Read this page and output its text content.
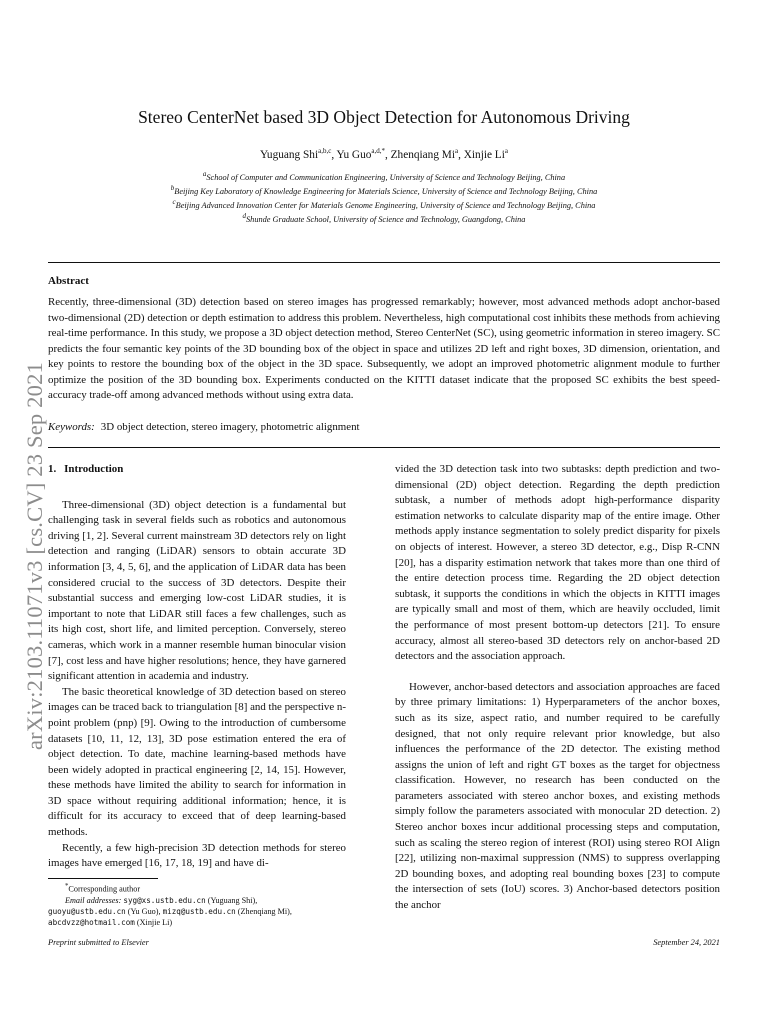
arXiv:2103.11071v3 [cs.CV] 23 Sep 2021
Stereo CenterNet based 3D Object Detection for Autonomous Driving
Yuguang Shi$^{a,b,c}$, Yu Guo$^{a,d,*}$, Zhenqiang Mi$^a$, Xinjie Li$^a$
$^a$School of Computer and Communication Engineering, University of Science and Technology Beijing, China
$^b$Beijing Key Laboratory of Knowledge Engineering for Materials Science, University of Science and Technology Beijing, China
$^c$Beijing Advanced Innovation Center for Materials Genome Engineering, University of Science and Technology Beijing, China
$^d$Shunde Graduate School, University of Science and Technology, Guangdong, China
Abstract
Recently, three-dimensional (3D) detection based on stereo images has progressed remarkably; however, most advanced methods adopt anchor-based two-dimensional (2D) detection or depth estimation to address this problem. Nevertheless, high computational cost inhibits these methods from achieving real-time performance. In this study, we propose a 3D object detection method, Stereo CenterNet (SC), using geometric information in stereo imagery. SC predicts the four semantic key points of the 3D bounding box of the object in space and utilizes 2D left and right boxes, 3D dimension, orientation, and key points to restore the bounding box of the object in the 3D space. Subsequently, we adopt an improved photometric alignment module to further optimize the position of the 3D bounding box. Experiments conducted on the KITTI dataset indicate that the proposed SC exhibits the best speed-accuracy trade-off among advanced methods without using extra data.
Keywords: 3D object detection, stereo imagery, photometric alignment
1. Introduction

Three-dimensional (3D) object detection is a fundamental but challenging task in several fields such as robotics and autonomous driving [1, 2]. Several current mainstream 3D detectors rely on light detection and ranging (LiDAR) sensors to obtain accurate 3D information [3, 4, 5, 6], and the application of LiDAR data has been considered crucial to the success of 3D detectors. Despite their substantial success and emerging low-cost LiDAR studies, it is important to note that LiDAR still faces a few challenges, such as its high cost, short life, and limited perception. Conversely, stereo cameras, which work in a manner resemble human binocular vision [7], cost less and have higher resolutions; hence, they have garnered significant attention in academia and industry.

The basic theoretical knowledge of 3D detection based on stereo images can be traced back to triangulation [8] and the perspective n-point problem (pnp) [9]. Owing to the introduction of cumbersome datasets [10, 11, 12, 13], 3D pose estimation entered the era of object detection. To date, machine learning-based methods have been widely adopted in practical engineering [2, 14, 15]. However, these methods have limited the ability to search for information in 3D space without requiring additional information; hence, it is difficult for its accuracy to exceed that of deep learning-based methods.

Recently, a few high-precision 3D detection methods for stereo images have emerged [16, 17, 18, 19] and have di-

vided the 3D detection task into two subtasks: depth prediction and two-dimensional (2D) object detection. Regarding the depth prediction subtask, a number of methods adopt high-performance disparity estimation networks to calculate disparity map of the entire image. Other methods apply instance segmentation to solely predict disparity for pixels on objects of interest. However, a stereo 3D detector, e.g., Disp R-CNN [20], has a disparity estimation network that takes more than one third of the entire detection process time. Regarding the 2D object detection subtask, it supports the conditions in which the objects in KITTI images are typically small and most of them, which are heavily occluded, limit the performance of most present bottom-up detectors [21]. To ensure accuracy, almost all stereo-based 3D detectors rely on anchor-based 2D detectors and the association approach.

However, anchor-based detectors and association approaches are faced by three primary limitations: 1) Hyperparameters of the anchor boxes, such as its size, aspect ratio, and number required to be carefully designed, that not only require relevant prior knowledge, but also influences the performance of the 2D detector. The existing method assigns the union of left and right GT boxes as the target for objectness classification. However, no research has been conducted on the parameters associated with stereo anchor boxes, and existing methods simply follow the parameters associated with monocular 2D detection. 2) Stereo anchor boxes incur additional processing steps and computation, such as scaling the stereo region of interest (ROI) using stereo ROI Align [22], utilizing non-maximal suppression (NMS) to suppress overlapping 2D bounding boxes, and adopting real bounding boxes [23] to compute the intersection of sets (IoU) scores. 3) Anchor-based detectors position the anchor

*Corresponding author
Email addresses: syg@xs.ustb.edu.cn (Yuguang Shi),
guoyu@ustb.edu.cn (Yu Guo), mizq@ustb.edu.cn (Zhenqiang Mi),
abcdvzz@hotmail.com (Xinjie Li)
Preprint submitted to Elsevier	September 24, 2021
